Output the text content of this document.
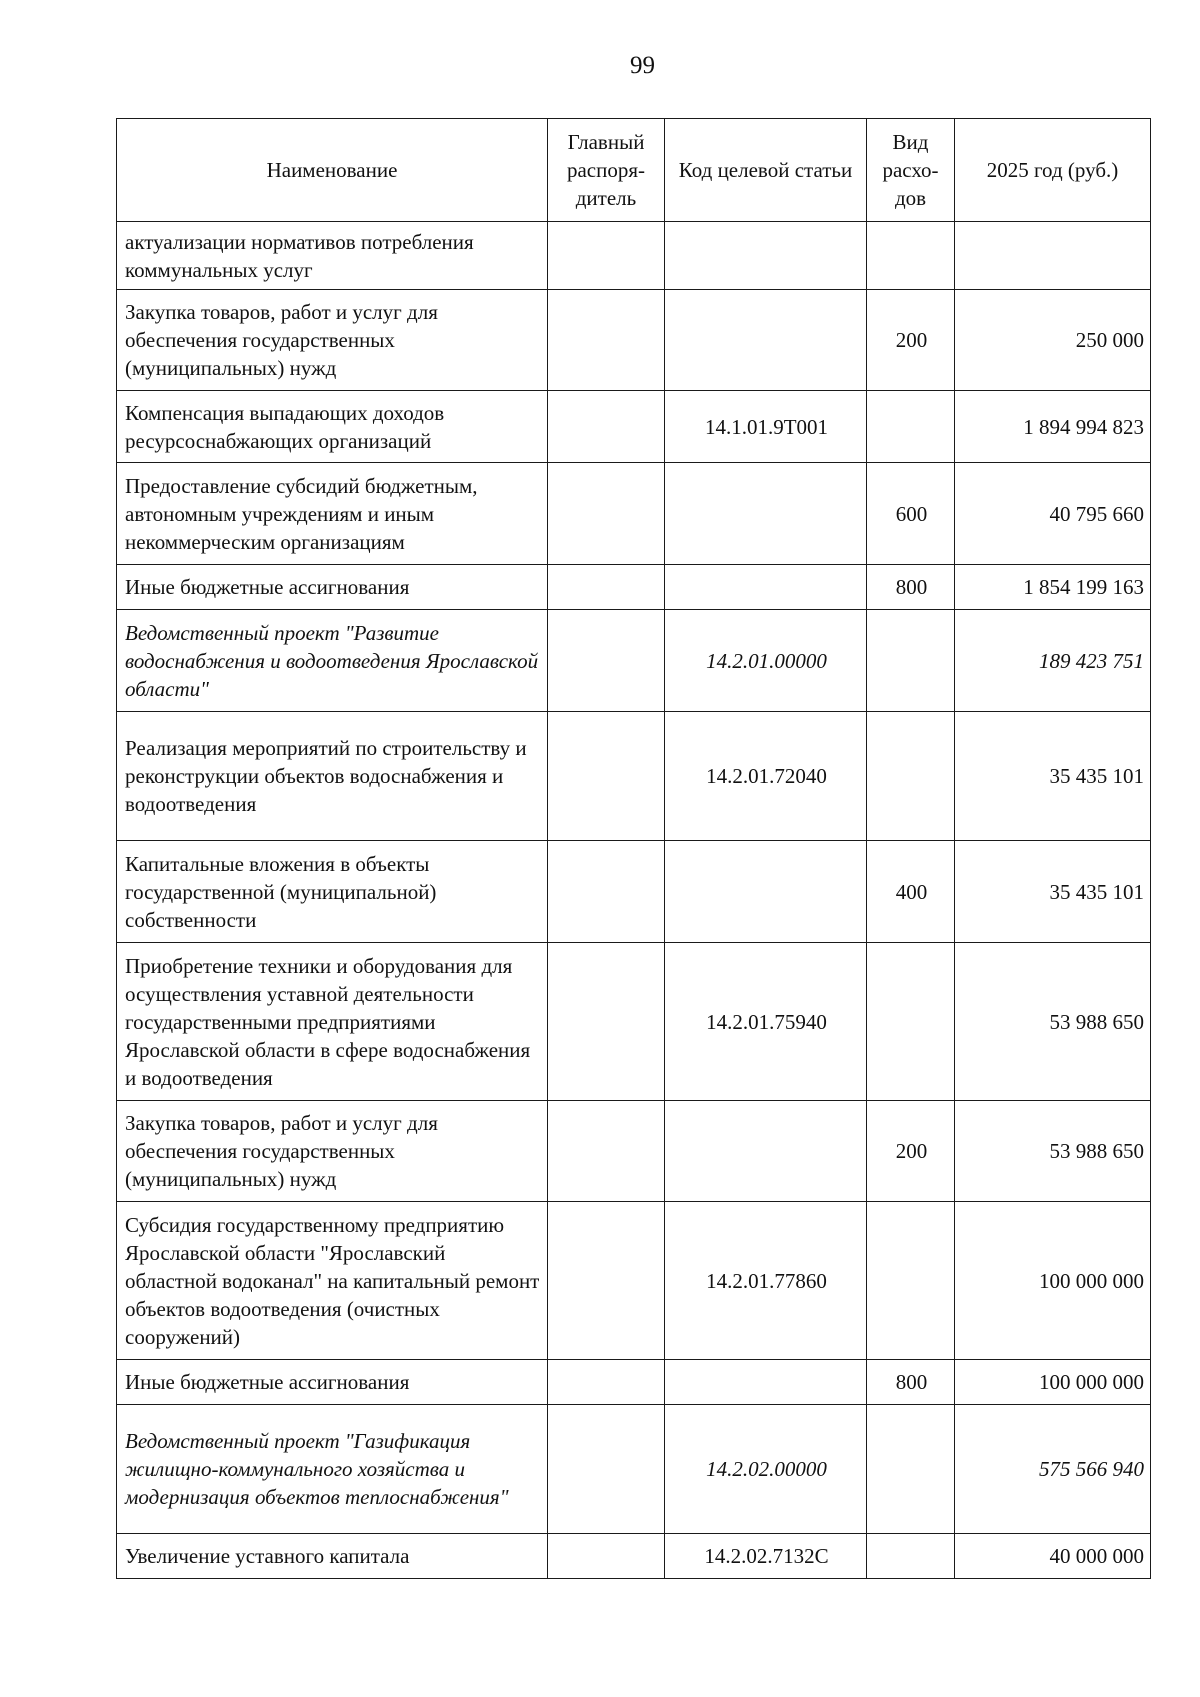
99
Наименование	Главный распоря-дитель	Код целевой статьи	Вид расхо-дов	2025 год (руб.)
актуализации нормативов потребления коммунальных услуг				
Закупка товаров, работ и услуг для обеспечения государственных (муниципальных) нужд			200	250 000
Компенсация выпадающих доходов ресурсоснабжающих организаций		14.1.01.9Т001		1 894 994 823
Предоставление субсидий бюджетным, автономным учреждениям и иным некоммерческим организациям			600	40 795 660
Иные бюджетные ассигнования			800	1 854 199 163
Ведомственный проект "Развитие водоснабжения и водоотведения Ярославской области"		14.2.01.00000		189 423 751
Реализация мероприятий по строительству и реконструкции объектов водоснабжения и водоотведения		14.2.01.72040		35 435 101
Капитальные вложения в объекты государственной (муниципальной) собственности			400	35 435 101
Приобретение техники и оборудования для осуществления уставной деятельности государственными предприятиями Ярославской области в сфере водоснабжения и водоотведения		14.2.01.75940		53 988 650
Закупка товаров, работ и услуг для обеспечения государственных (муниципальных) нужд			200	53 988 650
Субсидия государственному предприятию Ярославской области "Ярославский областной водоканал" на капитальный ремонт объектов водоотведения (очистных сооружений)		14.2.01.77860		100 000 000
Иные бюджетные ассигнования			800	100 000 000
Ведомственный проект "Газификация жилищно-коммунального хозяйства и модернизация объектов теплоснабжения"		14.2.02.00000		575 566 940
Увеличение уставного капитала		14.2.02.7132С		40 000 000
